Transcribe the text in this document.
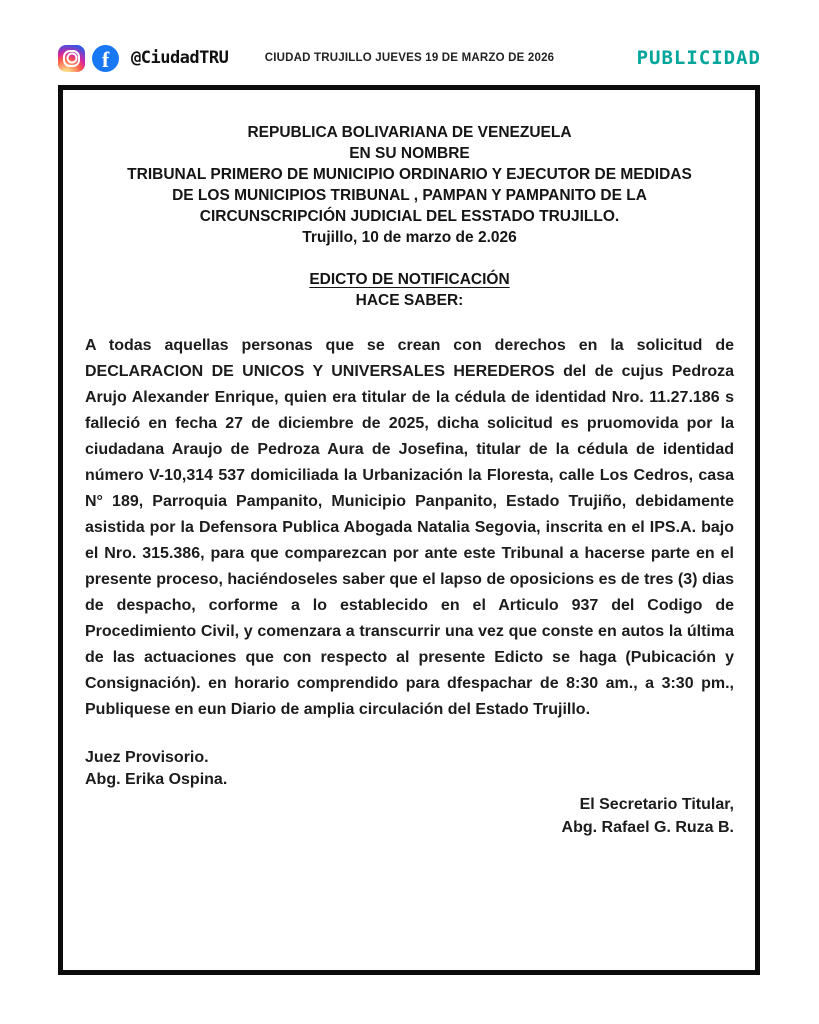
f	@CiudadTRU	CIUDAD TRUJILLO JUEVES 19 DE MARZO DE 2026	PUBLICIDAD
REPUBLICA BOLIVARIANA DE VENEZUELA
EN SU NOMBRE
TRIBUNAL PRIMERO DE MUNICIPIO ORDINARIO Y EJECUTOR DE MEDIDAS
DE LOS MUNICIPIOS TRIBUNAL , PAMPAN Y PAMPANITO DE LA
CIRCUNSCRIPCIÓN JUDICIAL DEL ESSTADO TRUJILLO.
Trujillo, 10 de marzo de 2.026
EDICTO DE NOTIFICACIÓN
HACE SABER:

A todas aquellas personas que se crean con derechos en la solicitud de DECLARACION DE UNICOS Y UNIVERSALES HEREDEROS del de cujus Pedroza Arujo Alexander Enrique, quien era titular de la cédula de identidad Nro. 11.27.186 s falleció en fecha 27 de diciembre de 2025, dicha solicitud es pruomovida por la ciudadana Araujo de Pedroza Aura de Josefina, titular de la cédula de identidad número V-10,314 537 domiciliada la Urbanización la Floresta, calle Los Cedros, casa N° 189, Parroquia Pampanito, Municipio Panpanito, Estado Trujiño, debidamente asistida por la Defensora Publica Abogada Natalia Segovia, inscrita en el IPS.A. bajo el Nro. 315.386, para que comparezcan por ante este Tribunal a hacerse parte en el presente proceso, haciéndoseles saber que el lapso de oposicions es de tres (3) dias de despacho, corforme a lo establecido en el Articulo 937 del Codigo de Procedimiento Civil, y comenzara a transcurrir una vez que conste en autos la última de las actuaciones que con respecto al presente Edicto se haga (Pubicación y Consignación). en horario comprendido para dfespachar de 8:30 am., a 3:30 pm., Publiquese en eun Diario de amplia circulación del Estado Trujillo.

Juez Provisorio.
Abg. Erika Ospina.
El Secretario Titular,
Abg. Rafael G. Ruza B.
